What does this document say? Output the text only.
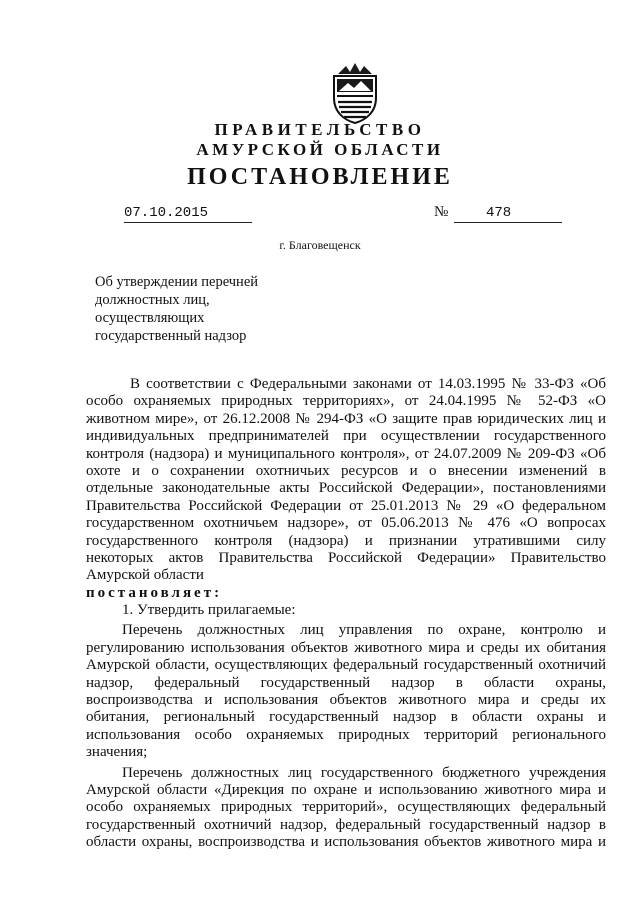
ПРАВИТЕЛЬСТВО
АМУРСКОЙ ОБЛАСТИ
ПОСТАНОВЛЕНИЕ
07.10.2015	№	478
г. Благовещенск
Об утверждении перечней
должностных лиц,
осуществляющих
государственный надзор
В соответствии с Федеральными законами от 14.03.1995 № 33-ФЗ «Об
особо охраняемых природных территориях», от 24.04.1995 № 52-ФЗ «О
животном мире», от 26.12.2008 № 294-ФЗ «О защите прав юридических лиц и
индивидуальных предпринимателей при осуществлении государственного
контроля (надзора) и муниципального контроля», от 24.07.2009 № 209-ФЗ «Об
охоте и о сохранении охотничьих ресурсов и о внесении изменений в
отдельные законодательные акты Российской Федерации», постановлениями
Правительства Российской Федерации от 25.01.2013 № 29 «О федеральном
государственном охотничьем надзоре», от 05.06.2013 № 476 «О вопросах
государственного контроля (надзора) и признании утратившими силу
некоторых актов Правительства Российской Федерации» Правительство
Амурской области
постановляет:
1. Утвердить прилагаемые:
Перечень должностных лиц управления по охране, контролю и
регулированию использования объектов животного мира и среды их обитания
Амурской области, осуществляющих федеральный государственный охотничий
надзор, федеральный государственный надзор в области охраны,
воспроизводства и использования объектов животного мира и среды их
обитания, региональный государственный надзор в области охраны и
использования особо охраняемых природных территорий регионального
значения;
Перечень должностных лиц государственного бюджетного учреждения
Амурской области «Дирекция по охране и использованию животного мира и
особо охраняемых природных территорий», осуществляющих федеральный
государственный охотничий надзор, федеральный государственный надзор в
области охраны, воспроизводства и использования объектов животного мира и
